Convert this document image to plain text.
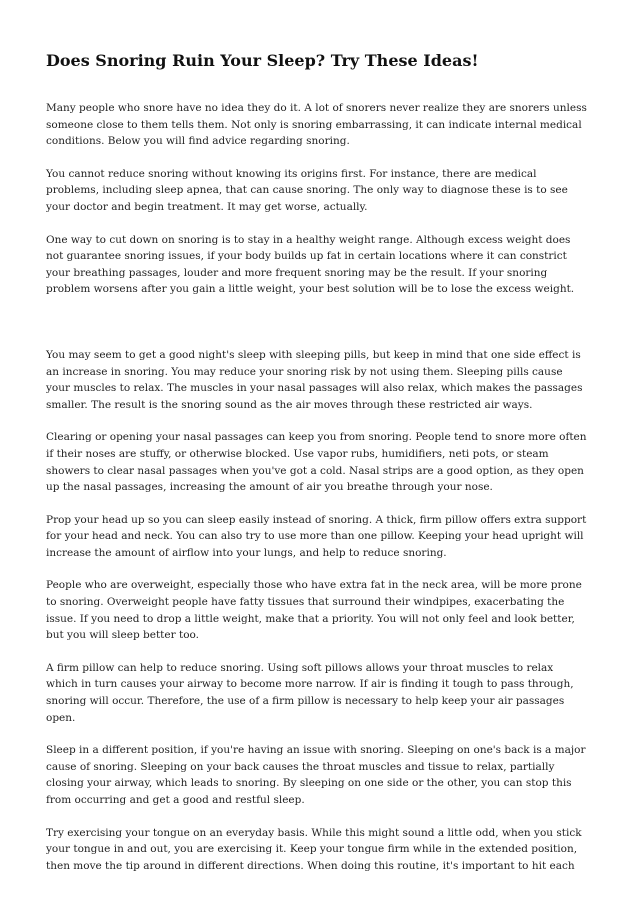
Does Snoring Ruin Your Sleep? Try These Ideas!

Many people who snore have no idea they do it. A lot of snorers never realize they are snorers unless
someone close to them tells them. Not only is snoring embarrassing, it can indicate internal medical
conditions. Below you will find advice regarding snoring.

You cannot reduce snoring without knowing its origins first. For instance, there are medical
problems, including sleep apnea, that can cause snoring. The only way to diagnose these is to see
your doctor and begin treatment. It may get worse, actually.

One way to cut down on snoring is to stay in a healthy weight range. Although excess weight does
not guarantee snoring issues, if your body builds up fat in certain locations where it can constrict
your breathing passages, louder and more frequent snoring may be the result. If your snoring
problem worsens after you gain a little weight, your best solution will be to lose the excess weight.

You may seem to get a good night's sleep with sleeping pills, but keep in mind that one side effect is
an increase in snoring. You may reduce your snoring risk by not using them. Sleeping pills cause
your muscles to relax. The muscles in your nasal passages will also relax, which makes the passages
smaller. The result is the snoring sound as the air moves through these restricted air ways.

Clearing or opening your nasal passages can keep you from snoring. People tend to snore more often
if their noses are stuffy, or otherwise blocked. Use vapor rubs, humidifiers, neti pots, or steam
showers to clear nasal passages when you've got a cold. Nasal strips are a good option, as they open
up the nasal passages, increasing the amount of air you breathe through your nose.

Prop your head up so you can sleep easily instead of snoring. A thick, firm pillow offers extra support
for your head and neck. You can also try to use more than one pillow. Keeping your head upright will
increase the amount of airflow into your lungs, and help to reduce snoring.

People who are overweight, especially those who have extra fat in the neck area, will be more prone
to snoring. Overweight people have fatty tissues that surround their windpipes, exacerbating the
issue. If you need to drop a little weight, make that a priority. You will not only feel and look better,
but you will sleep better too.

A firm pillow can help to reduce snoring. Using soft pillows allows your throat muscles to relax
which in turn causes your airway to become more narrow. If air is finding it tough to pass through,
snoring will occur. Therefore, the use of a firm pillow is necessary to help keep your air passages
open.

Sleep in a different position, if you're having an issue with snoring. Sleeping on one's back is a major
cause of snoring. Sleeping on your back causes the throat muscles and tissue to relax, partially
closing your airway, which leads to snoring. By sleeping on one side or the other, you can stop this
from occurring and get a good and restful sleep.

Try exercising your tongue on an everyday basis. While this might sound a little odd, when you stick
your tongue in and out, you are exercising it. Keep your tongue firm while in the extended position,
then move the tip around in different directions. When doing this routine, it's important to hit each
